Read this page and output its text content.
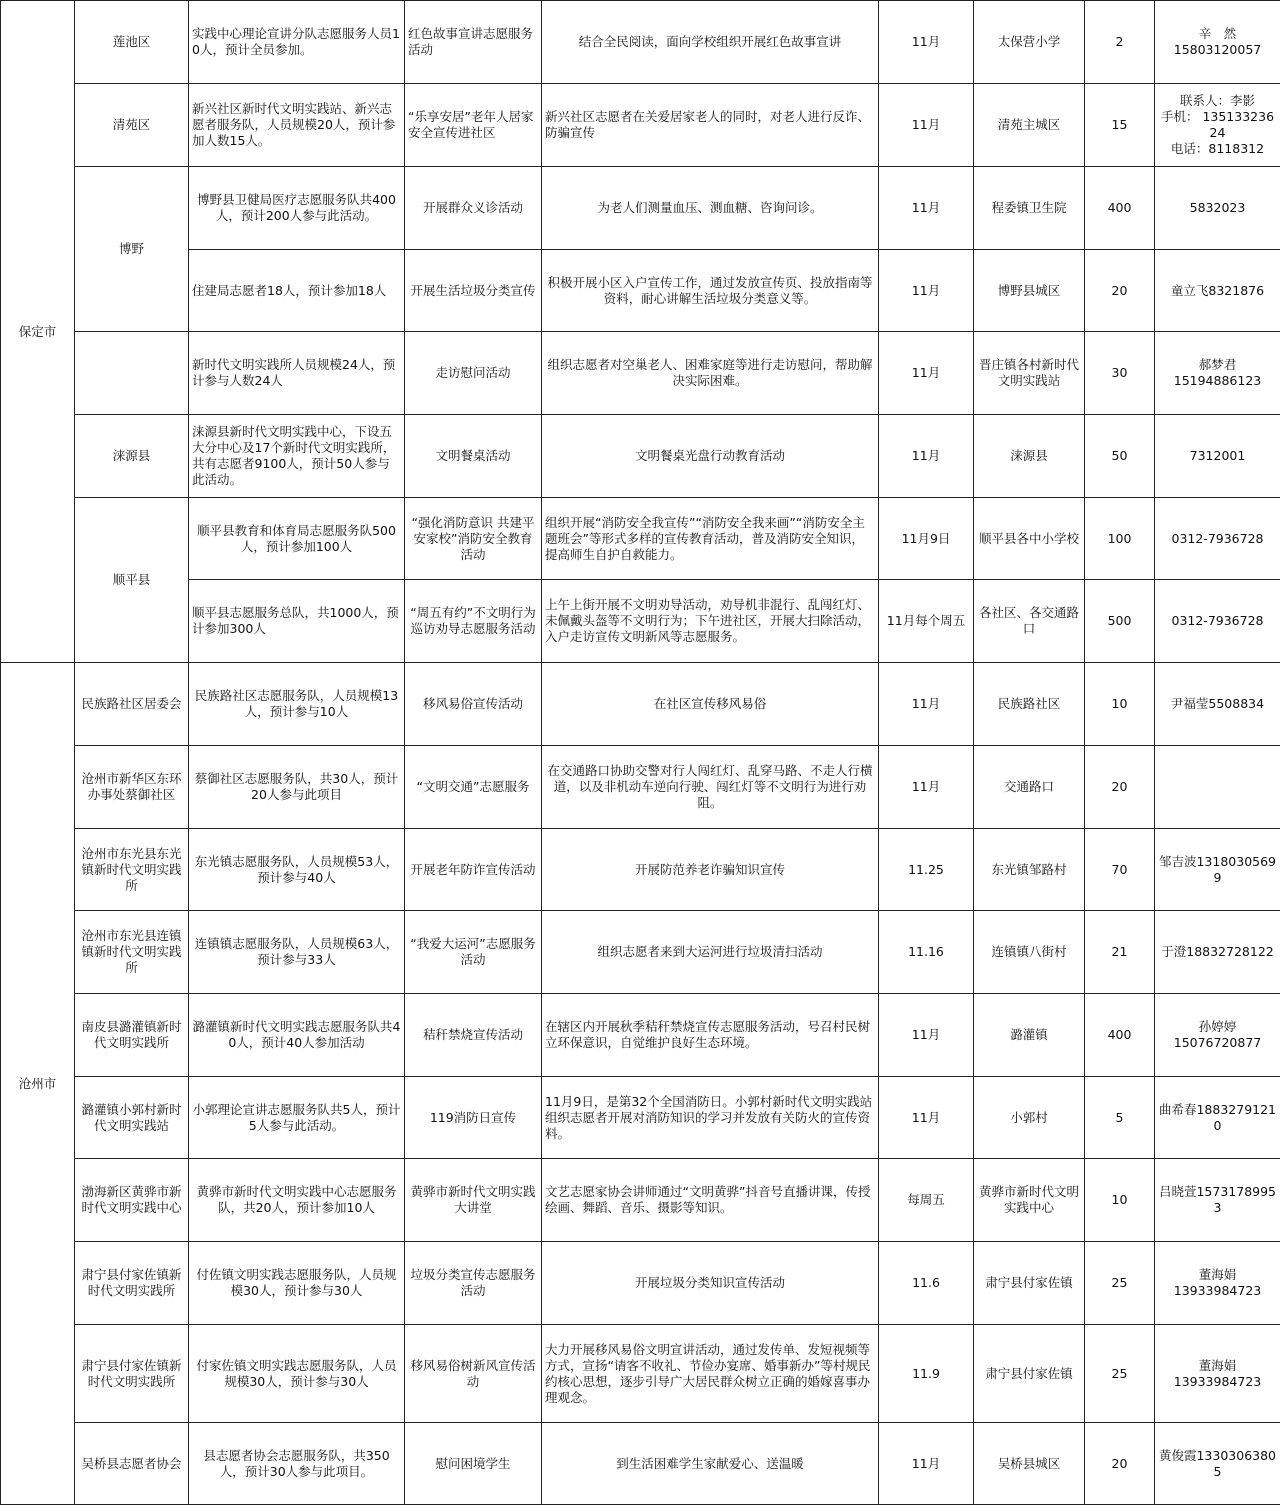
保定市	莲池区	实践中心理论宣讲分队志愿服务人员10人，预计全员参加。	红色故事宣讲志愿服务活动	结合全民阅读，面向学校组织开展红色故事宣讲	11月	太保营小学	2	辛　然
15803120057

	清苑区	新兴社区新时代文明实践站、新兴志愿者服务队，人员规模20人，预计参加人数15人。	“乐享安居”老年人居家安全宣传进社区	新兴社区志愿者在关爱居家老人的同时，对老人进行反诈、防骗宣传	11月	清苑主城区	15	联系人：李影
手机： 13513323624
电话：8118312

	博野	博野县卫健局医疗志愿服务队共400人，预计200人参与此活动。	开展群众义诊活动	为老人们测量血压、测血糖、咨询问诊。	11月	程委镇卫生院	400	5832023
		住建局志愿者18人，预计参加18人	开展生活垃圾分类宣传	积极开展小区入户宣传工作，通过发放宣传页、投放指南等资料，耐心讲解生活垃圾分类意义等。	11月	博野县城区	20	童立飞8321876
		新时代文明实践所人员规模24人，预计参与人数24人	走访慰问活动	组织志愿者对空巢老人、困难家庭等进行走访慰问，帮助解决实际困难。	11月	晋庄镇各村新时代文明实践站	30	郝梦君
15194886123

	涞源县	涞源县新时代文明实践中心，下设五大分中心及17个新时代文明实践所，共有志愿者9100人，预计50人参与此活动。	文明餐桌活动	文明餐桌光盘行动教育活动	11月	涞源县	50	7312001
	顺平县	顺平县教育和体育局志愿服务队500人，预计参加100人	“强化消防意识 共建平安家校”消防安全教育活动	组织开展“消防安全我宣传”“消防安全我来画”“消防安全主题班会”等形式多样的宣传教育活动，普及消防安全知识，提高师生自护自救能力。	11月9日	顺平县各中小学校	100	0312-7936728
		顺平县志愿服务总队，共1000人，预计参加300人	“周五有约”不文明行为巡访劝导志愿服务活动	上午上街开展不文明劝导活动，劝导机非混行、乱闯红灯、未佩戴头盔等不文明行为；下午进社区，开展大扫除活动，入户走访宣传文明新风等志愿服务。	11月每个周五	各社区、各交通路口	500	0312-7936728
沧州市	民族路社区居委会	民族路社区志愿服务队，人员规模13人，预计参与10人	移风易俗宣传活动	在社区宣传移风易俗	11月	民族路社区	10	尹福莹5508834
	沧州市新华区东环办事处蔡御社区	蔡御社区志愿服务队，共30人，预计20人参与此项目	“文明交通”志愿服务	在交通路口协助交警对行人闯红灯、乱穿马路、不走人行横道，以及非机动车逆向行驶、闯红灯等不文明行为进行劝阻。	11月	交通路口	20	
	沧州市东光县东光镇新时代文明实践所	东光镇志愿服务队，人员规模53人，预计参与40人	开展老年防诈宣传活动	开展防范养老诈骗知识宣传	11.25	东光镇邹路村	70	邹吉波13180305699
	沧州市东光县连镇镇新时代文明实践所	连镇镇志愿服务队，人员规模63人，预计参与33人	“我爱大运河”志愿服务活动	组织志愿者来到大运河进行垃圾清扫活动	11.16	连镇镇八街村	21	于澄18832728122
	南皮县潞灌镇新时代文明实践所	潞灌镇新时代文明实践志愿服务队共40人，预计40人参加活动	秸秆禁烧宣传活动	在辖区内开展秋季秸秆禁烧宣传志愿服务活动，号召村民树立环保意识，自觉维护良好生态环境。	11月	潞灌镇	400	孙婷婷
15076720877

	潞灌镇小郭村新时代文明实践站	小郭理论宣讲志愿服务队共5人，预计5人参与此活动。	119消防日宣传	11月9日，是第32个全国消防日。小郭村新时代文明实践站组织志愿者开展对消防知识的学习并发放有关防火的宣传资料。	11月	小郭村	5	曲希春18832791210
	渤海新区黄骅市新时代文明实践中心	黄骅市新时代文明实践中心志愿服务队，共20人，预计参加10人	黄骅市新时代文明实践大讲堂	文艺志愿家协会讲师通过“文明黄骅”抖音号直播讲课，传授绘画、舞蹈、音乐、摄影等知识。	每周五	黄骅市新时代文明实践中心	10	吕晓萱15731789953
	肃宁县付家佐镇新时代文明实践所	付佐镇文明实践志愿服务队，人员规模30人，预计参与30人	垃圾分类宣传志愿服务活动	开展垃圾分类知识宣传活动	11.6	肃宁县付家佐镇	25	董海娟
13933984723

	肃宁县付家佐镇新时代文明实践所	付家佐镇文明实践志愿服务队，人员规模30人，预计参与30人	移风易俗树新风宣传活动	大力开展移风易俗文明宣讲活动，通过发传单、发短视频等方式，宣扬“请客不收礼、节俭办宴席、婚事新办”等村规民约核心思想，逐步引导广大居民群众树立正确的婚嫁喜事办理观念。	11.9	肃宁县付家佐镇	25	董海娟
13933984723

	吴桥县志愿者协会	县志愿者协会志愿服务队，共350人，预计30人参与此项目。	慰问困境学生	到生活困难学生家献爱心、送温暖	11月	吴桥县城区	20	黄俊霞13303063805
